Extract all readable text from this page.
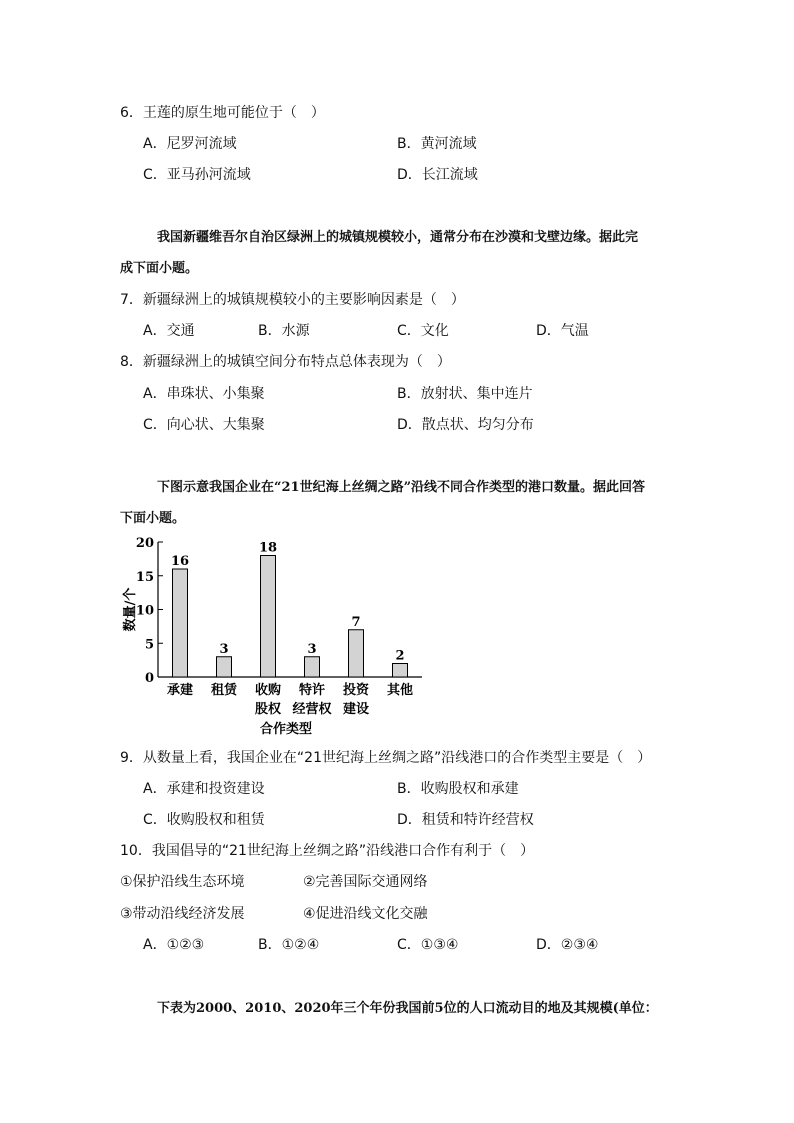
6．王莲的原生地可能位于（　）
A．尼罗河流域	B．黄河流域
C．亚马孙河流域	D．长江流域
我国新疆维吾尔自治区绿洲上的城镇规模较小，通常分布在沙漠和戈壁边缘。据此完
成下面小题。
7．新疆绿洲上的城镇规模较小的主要影响因素是（　）
A．交通	B．水源	C．文化	D．气温
8．新疆绿洲上的城镇空间分布特点总体表现为（　）
A．串珠状、小集聚	B．放射状、集中连片
C．向心状、大集聚	D．散点状、均匀分布
下图示意我国企业在“21世纪海上丝绸之路”沿线不同合作类型的港口数量。据此回答
下面小题。
0
5
10
15
20
数量/个
16
承建
3
租赁
18
收购
股权
3
特许
经营权
7
投资
建设
2
其他
合作类型
9．从数量上看，我国企业在“21世纪海上丝绸之路”沿线港口的合作类型主要是（　）
A．承建和投资建设	B．收购股权和承建
C．收购股权和租赁	D．租赁和特许经营权
10．我国倡导的“21世纪海上丝绸之路”沿线港口合作有利于（　）
①保护沿线生态环境	②完善国际交通网络
③带动沿线经济发展	④促进沿线文化交融
A．①②③	B．①②④	C．①③④	D．②③④
下表为2000、2010、2020年三个年份我国前5位的人口流动目的地及其规模(单位：
